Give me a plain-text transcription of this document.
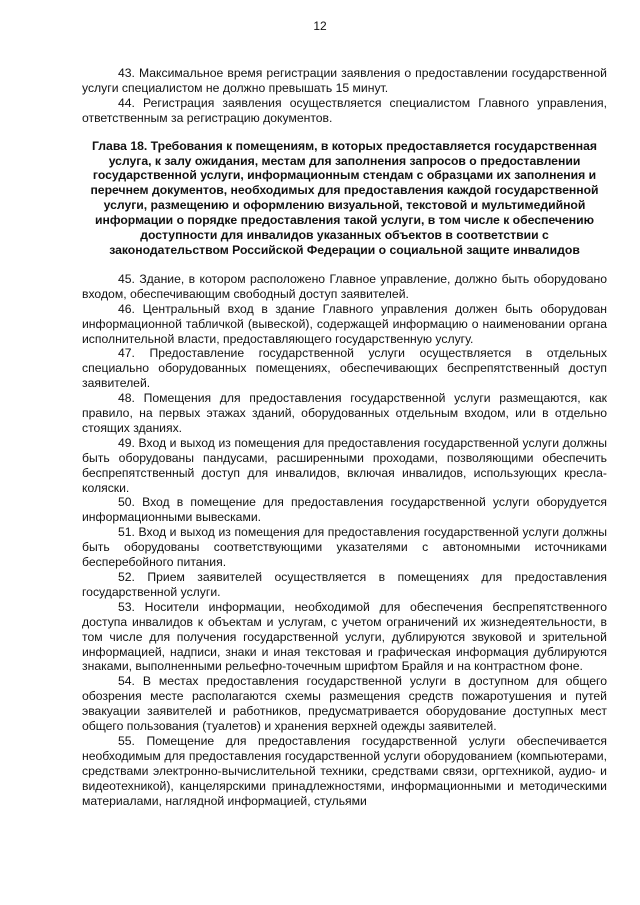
12

43. Максимальное время регистрации заявления о предоставлении государственной услуги специалистом не должно превышать 15 минут.

44. Регистрация заявления осуществляется специалистом Главного управления, ответственным за регистрацию документов.

Глава 18. Требования к помещениям, в которых предоставляется государственная услуга, к залу ожидания, местам для заполнения запросов о предоставлении государственной услуги, информационным стендам с образцами их заполнения и перечнем документов, необходимых для предоставления каждой государственной услуги, размещению и оформлению визуальной, текстовой и мультимедийной информации о порядке предоставления такой услуги, в том числе к обеспечению доступности для инвалидов указанных объектов в соответствии с законодательством Российской Федерации о социальной защите инвалидов

45. Здание, в котором расположено Главное управление, должно быть оборудовано входом, обеспечивающим свободный доступ заявителей.

46. Центральный вход в здание Главного управления должен быть оборудован информационной табличкой (вывеской), содержащей информацию о наименовании органа исполнительной власти, предоставляющего государственную услугу.

47. Предоставление государственной услуги осуществляется в отдельных специально оборудованных помещениях, обеспечивающих беспрепятственный доступ заявителей.

48. Помещения для предоставления государственной услуги размещаются, как правило, на первых этажах зданий, оборудованных отдельным входом, или в отдельно стоящих зданиях.

49. Вход и выход из помещения для предоставления государственной услуги должны быть оборудованы пандусами, расширенными проходами, позволяющими обеспечить беспрепятственный доступ для инвалидов, включая инвалидов, использующих кресла-коляски.

50. Вход в помещение для предоставления государственной услуги оборудуется информационными вывесками.

51. Вход и выход из помещения для предоставления государственной услуги должны быть оборудованы соответствующими указателями с автономными источниками бесперебойного питания.

52. Прием заявителей осуществляется в помещениях для предоставления государственной услуги.

53. Носители информации, необходимой для обеспечения беспрепятственного доступа инвалидов к объектам и услугам, с учетом ограничений их жизнедеятельности, в том числе для получения государственной услуги, дублируются звуковой и зрительной информацией, надписи, знаки и иная текстовая и графическая информация дублируются знаками, выполненными рельефно-точечным шрифтом Брайля и на контрастном фоне.

54. В местах предоставления государственной услуги в доступном для общего обозрения месте располагаются схемы размещения средств пожаротушения и путей эвакуации заявителей и работников, предусматривается оборудование доступных мест общего пользования (туалетов) и хранения верхней одежды заявителей.

55. Помещение для предоставления государственной услуги обеспечивается необходимым для предоставления государственной услуги оборудованием (компьютерами, средствами электронно-вычислительной техники, средствами связи, оргтехникой, аудио- и видеотехникой), канцелярскими принадлежностями, информационными и методическими материалами, наглядной информацией, стульями
